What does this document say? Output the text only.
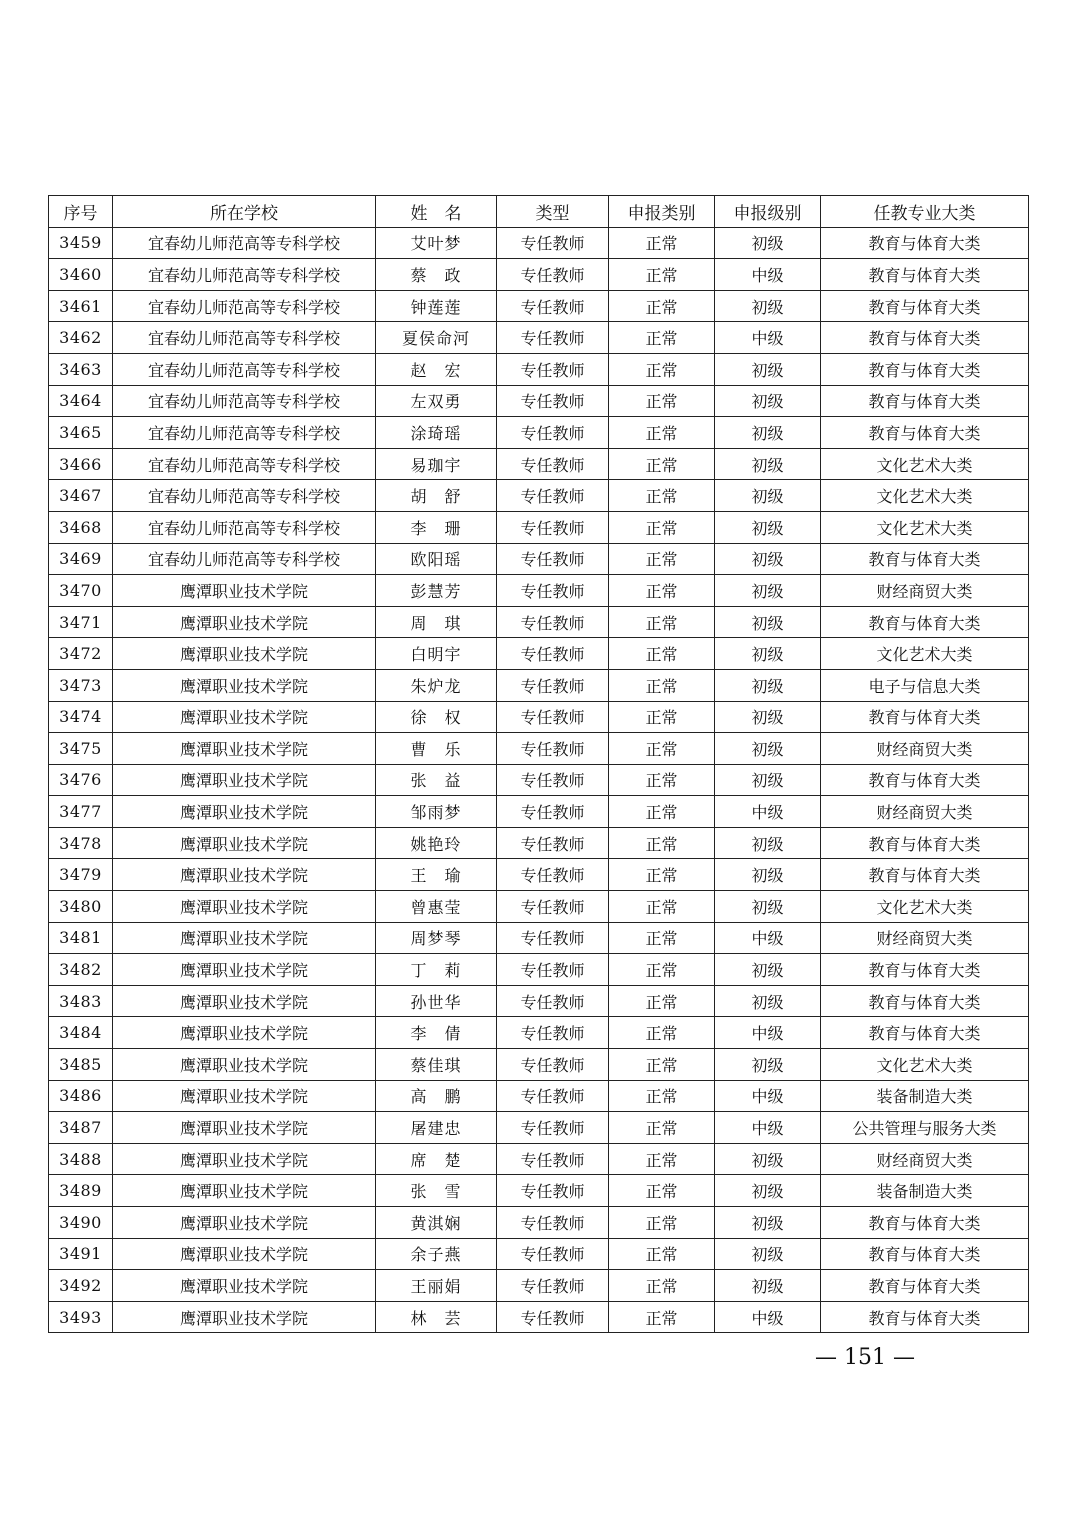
序号	所在学校	姓　名	类型	申报类别	申报级别	任教专业大类
3459	宜春幼儿师范高等专科学校	艾叶梦	专任教师	正常	初级	教育与体育大类
3460	宜春幼儿师范高等专科学校	蔡　政	专任教师	正常	中级	教育与体育大类
3461	宜春幼儿师范高等专科学校	钟莲莲	专任教师	正常	初级	教育与体育大类
3462	宜春幼儿师范高等专科学校	夏侯命河	专任教师	正常	中级	教育与体育大类
3463	宜春幼儿师范高等专科学校	赵　宏	专任教师	正常	初级	教育与体育大类
3464	宜春幼儿师范高等专科学校	左双勇	专任教师	正常	初级	教育与体育大类
3465	宜春幼儿师范高等专科学校	涂琦瑶	专任教师	正常	初级	教育与体育大类
3466	宜春幼儿师范高等专科学校	易珈宇	专任教师	正常	初级	文化艺术大类
3467	宜春幼儿师范高等专科学校	胡　舒	专任教师	正常	初级	文化艺术大类
3468	宜春幼儿师范高等专科学校	李　珊	专任教师	正常	初级	文化艺术大类
3469	宜春幼儿师范高等专科学校	欧阳瑶	专任教师	正常	初级	教育与体育大类
3470	鹰潭职业技术学院	彭慧芳	专任教师	正常	初级	财经商贸大类
3471	鹰潭职业技术学院	周　琪	专任教师	正常	初级	教育与体育大类
3472	鹰潭职业技术学院	白明宇	专任教师	正常	初级	文化艺术大类
3473	鹰潭职业技术学院	朱炉龙	专任教师	正常	初级	电子与信息大类
3474	鹰潭职业技术学院	徐　权	专任教师	正常	初级	教育与体育大类
3475	鹰潭职业技术学院	曹　乐	专任教师	正常	初级	财经商贸大类
3476	鹰潭职业技术学院	张　益	专任教师	正常	初级	教育与体育大类
3477	鹰潭职业技术学院	邹雨梦	专任教师	正常	中级	财经商贸大类
3478	鹰潭职业技术学院	姚艳玲	专任教师	正常	初级	教育与体育大类
3479	鹰潭职业技术学院	王　瑜	专任教师	正常	初级	教育与体育大类
3480	鹰潭职业技术学院	曾惠莹	专任教师	正常	初级	文化艺术大类
3481	鹰潭职业技术学院	周梦琴	专任教师	正常	中级	财经商贸大类
3482	鹰潭职业技术学院	丁　莉	专任教师	正常	初级	教育与体育大类
3483	鹰潭职业技术学院	孙世华	专任教师	正常	初级	教育与体育大类
3484	鹰潭职业技术学院	李　倩	专任教师	正常	中级	教育与体育大类
3485	鹰潭职业技术学院	蔡佳琪	专任教师	正常	初级	文化艺术大类
3486	鹰潭职业技术学院	高　鹏	专任教师	正常	中级	装备制造大类
3487	鹰潭职业技术学院	屠建忠	专任教师	正常	中级	公共管理与服务大类
3488	鹰潭职业技术学院	席　楚	专任教师	正常	初级	财经商贸大类
3489	鹰潭职业技术学院	张　雪	专任教师	正常	初级	装备制造大类
3490	鹰潭职业技术学院	黄淇娴	专任教师	正常	初级	教育与体育大类
3491	鹰潭职业技术学院	余子燕	专任教师	正常	初级	教育与体育大类
3492	鹰潭职业技术学院	王丽娟	专任教师	正常	初级	教育与体育大类
3493	鹰潭职业技术学院	林　芸	专任教师	正常	中级	教育与体育大类
— 151 —
